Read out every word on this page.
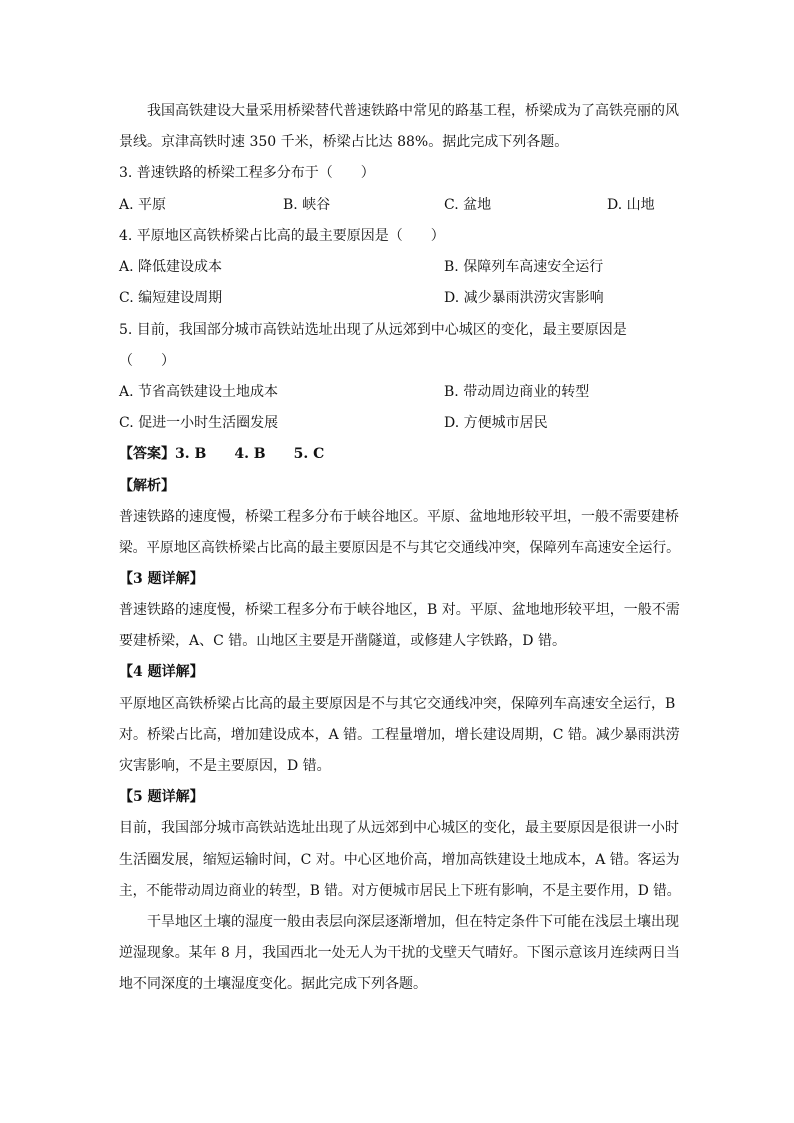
我国高铁建设大量采用桥梁替代普速铁路中常见的路基工程，桥梁成为了高铁亮丽的风
景线。京津高铁时速 350 千米，桥梁占比达 88%。据此完成下列各题。
3. 普速铁路的桥梁工程多分布于（　　）
A. 平原	B. 峡谷	C. 盆地	D. 山地
4. 平原地区高铁桥梁占比高的最主要原因是（　　）
A. 降低建设成本	B. 保障列车高速安全运行
C. 编短建设周期	D. 减少暴雨洪涝灾害影响
5. 目前，我国部分城市高铁站选址出现了从远郊到中心城区的变化，最主要原因是
（　　）
A. 节省高铁建设土地成本	B. 带动周边商业的转型
C. 促进一小时生活圈发展	D. 方便城市居民
【答案】3. B　　4. B　　5. C
【解析】
普速铁路的速度慢，桥梁工程多分布于峡谷地区。平原、盆地地形较平坦，一般不需要建桥
梁。平原地区高铁桥梁占比高的最主要原因是不与其它交通线冲突，保障列车高速安全运行。
【3 题详解】
普速铁路的速度慢，桥梁工程多分布于峡谷地区，B 对。平原、盆地地形较平坦，一般不需
要建桥梁，A、C 错。山地区主要是开凿隧道，或修建人字铁路，D 错。
【4 题详解】
平原地区高铁桥梁占比高的最主要原因是不与其它交通线冲突，保障列车高速安全运行，B
对。桥梁占比高，增加建设成本，A 错。工程量增加，增长建设周期，C 错。减少暴雨洪涝
灾害影响，不是主要原因，D 错。
【5 题详解】
目前，我国部分城市高铁站选址出现了从远郊到中心城区的变化，最主要原因是很讲一小时
生活圈发展，缩短运输时间，C 对。中心区地价高，增加高铁建设土地成本，A 错。客运为
主，不能带动周边商业的转型，B 错。对方便城市居民上下班有影响，不是主要作用，D 错。
干旱地区土壤的湿度一般由表层向深层逐渐增加，但在特定条件下可能在浅层土壤出现
逆湿现象。某年 8 月，我国西北一处无人为干扰的戈壁天气晴好。下图示意该月连续两日当
地不同深度的土壤湿度变化。据此完成下列各题。
